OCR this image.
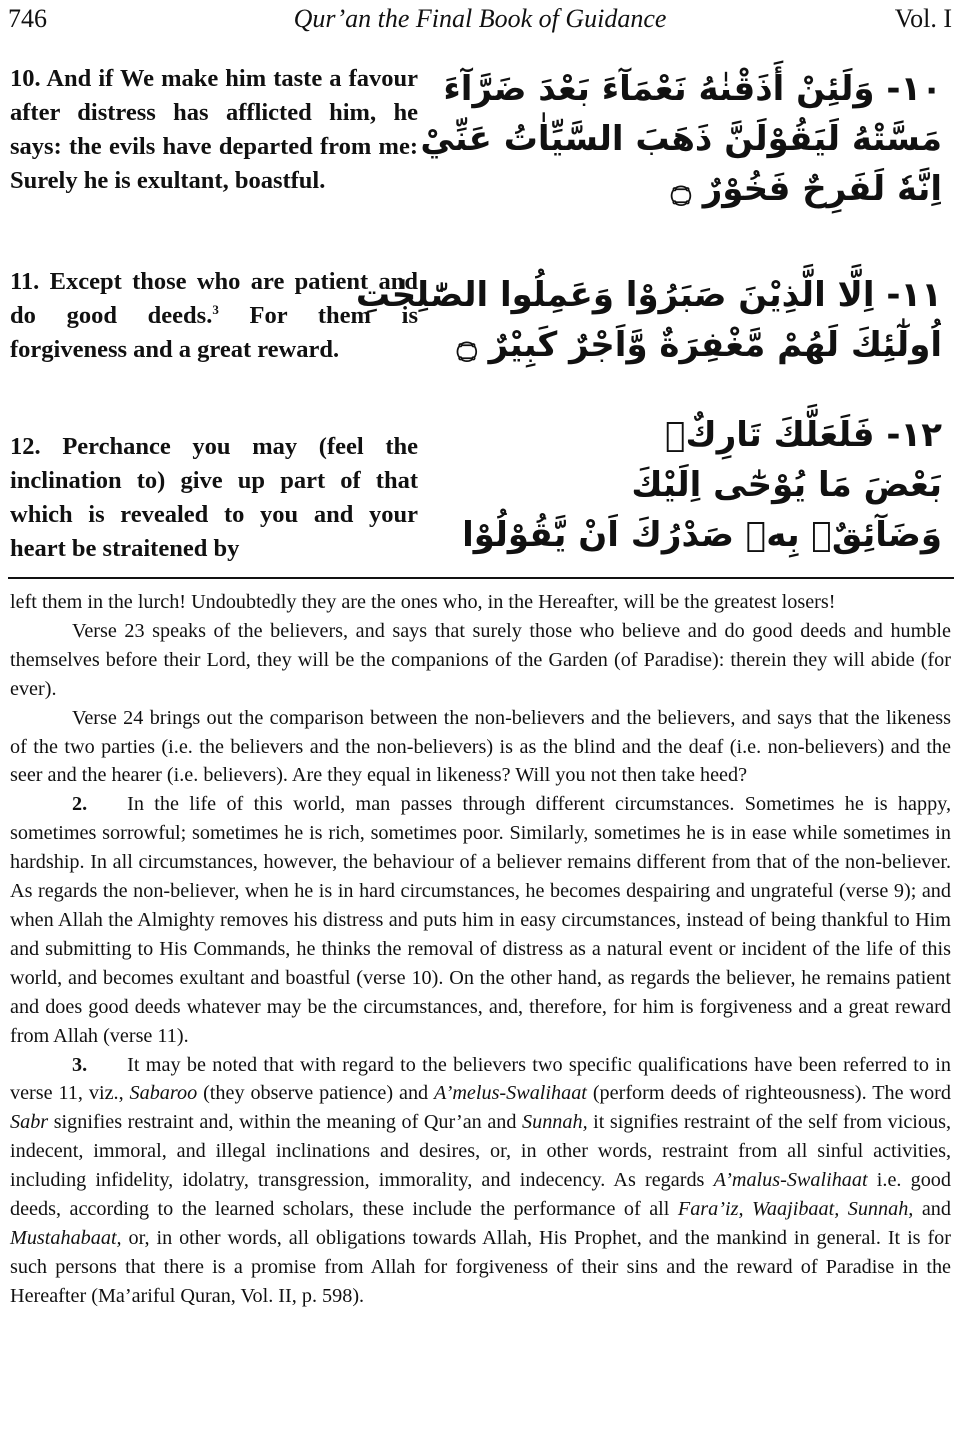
746	Qur’an the Final Book of Guidance	Vol. I
10. And if We make him taste a favour after distress has afflicted him, he says: the evils have departed from me: Surely he is exultant, boastful.
١٠- وَلَئِنْ أَذَقْنٰهُ نَعْمَآءَ بَعْدَ ضَرَّآءَ
مَسَّتْهُ لَيَقُوْلَنَّ ذَهَبَ السَّيِّاٰتُ عَنِّيْ
اِنَّهٗ لَفَرِحٌ فَخُوْرٌ ۝
11. Except those who are patient and do good deeds.$^3$ For them is forgiveness and a great reward.
١١- اِلَّا الَّذِيْنَ صَبَرُوْا وَعَمِلُوا الصّٰلِحٰتِ
اُولٰٓئِكَ لَهُمْ مَّغْفِرَةٌ وَّاَجْرٌ كَبِيْرٌ ۝
12. Perchance you may (feel the inclination to) give up part of that which is revealed to you and your heart be straitened by
١٢- فَلَعَلَّكَ تَارِكٌۢ
بَعْضَ مَا يُوْحٰٓى اِلَيْكَ
وَضَآئِقٌۢ بِهٖ صَدْرُكَ اَنْ يَّقُوْلُوْا

left them in the lurch! Undoubtedly they are the ones who, in the Hereafter, will be the greatest losers!

Verse 23 speaks of the believers, and says that surely those who believe and do good deeds and humble themselves before their Lord, they will be the companions of the Garden (of Paradise): therein they will abide (for ever).

Verse 24 brings out the comparison between the non-believers and the believers, and says that the likeness of the two parties (i.e. the believers and the non-believers) is as the blind and the deaf (i.e. non-believers) and the seer and the hearer (i.e. believers). Are they equal in likeness? Will you not then take heed?

2. In the life of this world, man passes through different circumstances. Sometimes he is happy, sometimes sorrowful; sometimes he is rich, sometimes poor. Similarly, sometimes he is in ease while sometimes in hardship. In all circumstances, however, the behaviour of a believer remains different from that of the non-believer. As regards the non-believer, when he is in hard circumstances, he becomes despairing and ungrateful (verse 9); and when Allah the Almighty removes his distress and puts him in easy circumstances, instead of being thankful to Him and submitting to His Commands, he thinks the removal of distress as a natural event or incident of the life of this world, and becomes exultant and boastful (verse 10). On the other hand, as regards the believer, he remains patient and does good deeds whatever may be the circumstances, and, therefore, for him is forgiveness and a great reward from Allah (verse 11).

3. It may be noted that with regard to the believers two specific qualifications have been referred to in verse 11, viz., Sabaroo (they observe patience) and A’melus-Swalihaat (perform deeds of righteousness). The word Sabr signifies restraint and, within the meaning of Qur’an and Sunnah, it signifies restraint of the self from vicious, indecent, immoral, and illegal inclinations and desires, or, in other words, restraint from all sinful activities, including infidelity, idolatry, transgression, immorality, and indecency. As regards A’malus-Swalihaat i.e. good deeds, according to the learned scholars, these include the performance of all Fara’iz, Waajibaat, Sunnah, and Mustahabaat, or, in other words, all obligations towards Allah, His Prophet, and the mankind in general. It is for such persons that there is a promise from Allah for forgiveness of their sins and the reward of Paradise in the Hereafter (Ma’ariful Quran, Vol. II, p. 598).
